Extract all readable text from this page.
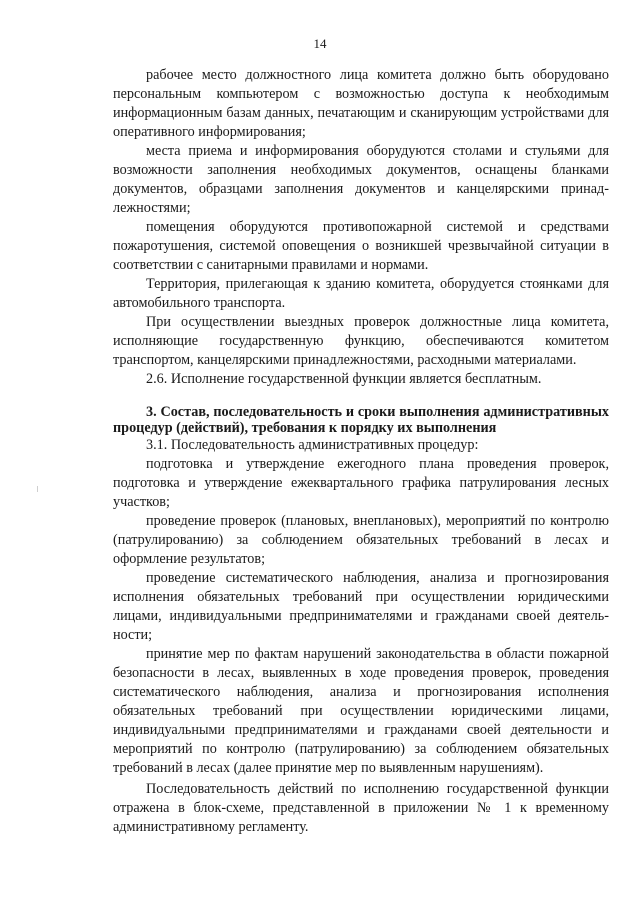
14

рабочее место должностного лица комитета должно быть оборудовано персональным компьютером с возможностью доступа к необходимым информационным базам данных, печатающим и сканирующим устройствами для оперативного информирования;

места приема и информирования оборудуются столами и стульями для возможности заполнения необходимых документов, оснащены бланками документов, образцами заполнения документов и канцелярскими принадлежностями;

помещения оборудуются противопожарной системой и средствами пожаротушения, системой оповещения о возникшей чрезвычайной ситуации в соответствии с санитарными правилами и нормами.

Территория, прилегающая к зданию комитета, оборудуется стоянками для автомобильного транспорта.

При осуществлении выездных проверок должностные лица комитета, исполняющие государственную функцию, обеспечиваются комитетом транспортом, канцелярскими принадлежностями, расходными материалами.

2.6. Исполнение государственной функции является бесплатным.

3. Состав, последовательность и сроки выполнения административных процедур (действий), требования к порядку их выполнения

3.1. Последовательность административных процедур:

подготовка и утверждение ежегодного плана проведения проверок, подготовка и утверждение ежеквартального графика патрулирования лесных участков;

проведение проверок (плановых, внеплановых), мероприятий по контролю (патрулированию) за соблюдением обязательных требований в лесах и оформление результатов;

проведение систематического наблюдения, анализа и прогнозирования исполнения обязательных требований при осуществлении юридическими лицами, индивидуальными предпринимателями и гражданами своей деятельности;

принятие мер по фактам нарушений законодательства в области пожарной безопасности в лесах, выявленных в ходе проведения проверок, проведения систематического наблюдения, анализа и прогнозирования исполнения обязательных требований при осуществлении юридическими лицами, индивидуальными предпринимателями и гражданами своей деятельности и мероприятий по контролю (патрулированию) за соблюдением обязательных требований в лесах (далее принятие мер по выявленным нарушениям).

Последовательность действий по исполнению государственной функции отражена в блок-схеме, представленной в приложении № 1 к временному административному регламенту.
